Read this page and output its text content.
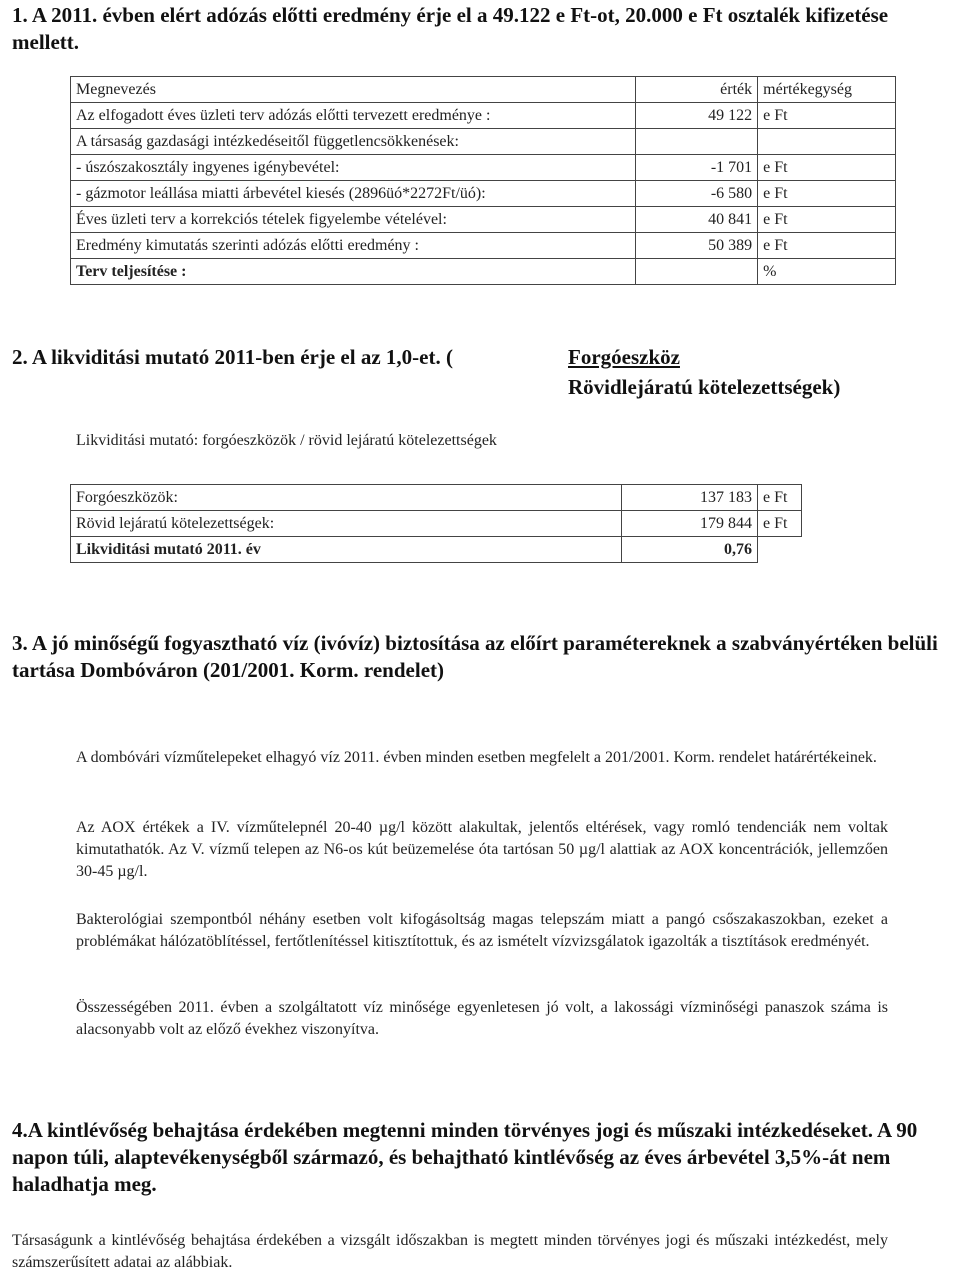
1. A 2011. évben elért adózás előtti eredmény érje el a 49.122 e Ft-ot, 20.000 e Ft osztalék kifizetése mellett.
Megnevezés	érték	mértékegység
Az elfogadott éves üzleti terv adózás előtti tervezett eredménye :	49 122	e Ft
A társaság gazdasági intézkedéseitől függetlencsökkenések:		
- úszószakosztály ingyenes igénybevétel:	-1 701	e Ft
- gázmotor leállása miatti árbevétel kiesés (2896üó*2272Ft/üó):	-6 580	e Ft
Éves üzleti terv a korrekciós tételek figyelembe vételével:	40 841	e Ft
Eredmény kimutatás szerinti adózás előtti eredmény :	50 389	e Ft
Terv teljesítése :		%
2. A likviditási mutató 2011-ben érje el az 1,0-et. (	Forgóeszköz
Rövidlejáratú kötelezettségek)
Likviditási mutató: forgóeszközök / rövid lejáratú kötelezettségek
Forgóeszközök:	137 183	e Ft
Rövid lejáratú kötelezettségek:	179 844	e Ft
Likviditási mutató 2011. év	0,76	
3. A jó minőségű fogyasztható víz (ivóvíz) biztosítása az előírt paramétereknek a szabványértéken belüli tartása Dombóváron (201/2001. Korm. rendelet)

A dombóvári vízműtelepeket elhagyó víz 2011. évben minden esetben megfelelt a 201/2001. Korm. rendelet határértékeinek.

Az AOX értékek a IV. vízműtelepnél 20-40 µg/l között alakultak, jelentős eltérések, vagy romló tendenciák nem voltak kimutathatók. Az V. vízmű telepen az N6-os kút beüzemelése óta tartósan 50 µg/l alattiak az AOX koncentrációk, jellemzően 30-45 µg/l.

Bakterológiai szempontból néhány esetben volt kifogásoltság magas telepszám miatt a pangó csőszakaszokban, ezeket a problémákat hálózatöblítéssel, fertőtlenítéssel kitisztítottuk, és az ismételt vízvizsgálatok igazolták a tisztítások eredményét.

Összességében 2011. évben a szolgáltatott víz minősége egyenletesen jó volt, a lakossági vízminőségi panaszok száma is alacsonyabb volt az előző évekhez viszonyítva.

4.A kintlévőség behajtása érdekében megtenni minden törvényes jogi és műszaki intézkedéseket. A 90 napon túli, alaptevékenységből származó, és behajtható kintlévőség az éves árbevétel 3,5%-át nem haladhatja meg.

Társaságunk a kintlévőség behajtása érdekében a vizsgált időszakban is megtett minden törvényes jogi és műszaki intézkedést, mely számszerűsített adatai az alábbiak.
